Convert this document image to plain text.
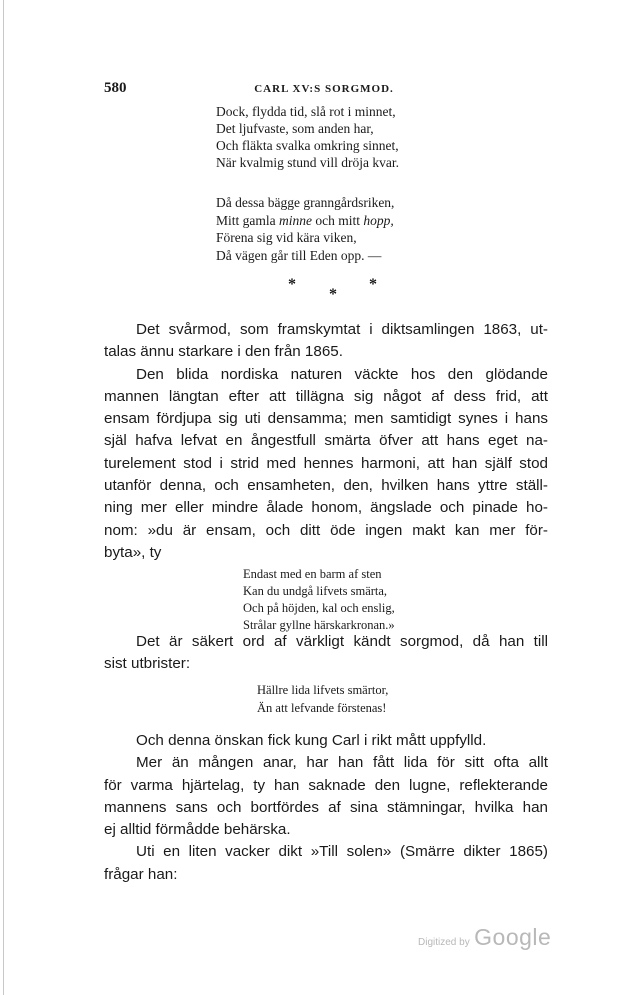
580	CARL XV:S SORGMOD.
Dock, flydda tid, slå rot i minnet,
Det ljufvaste, som anden har,
Och fläkta svalka omkring sinnet,
När kvalmig stund vill dröja kvar.
Då dessa bägge granngårdsriken,
Mitt gamla minne och mitt hopp,
Förena sig vid kära viken,
Då vägen går till Eden opp. —
*
*
*
Det svårmod, som framskymtat i diktsamlingen 1863, ut-
talas ännu starkare i den från 1865.
Den blida nordiska naturen väckte hos den glödande
mannen längtan efter att tillägna sig något af dess frid, att
ensam fördjupa sig uti densamma; men samtidigt synes i hans
själ hafva lefvat en ångestfull smärta öfver att hans eget na-
turelement stod i strid med hennes harmoni, att han själf stod
utanför denna, och ensamheten, den, hvilken hans yttre ställ-
ning mer eller mindre ålade honom, ängslade och pinade ho-
nom: »du är ensam, och ditt öde ingen makt kan mer för-
byta», ty
Endast med en barm af sten
Kan du undgå lifvets smärta,
Och på höjden, kal och enslig,
Strålar gyllne härskarkronan.»
Det är säkert ord af värkligt kändt sorgmod, då han till
sist utbrister:
Hällre lida lifvets smärtor,
Än att lefvande förstenas!
Och denna önskan fick kung Carl i rikt mått uppfylld.
Mer än mången anar, har han fått lida för sitt ofta allt
för varma hjärtelag, ty han saknade den lugne, reflekterande
mannens sans och bortfördes af sina stämningar, hvilka han
ej alltid förmådde behärska.
Uti en liten vacker dikt »Till solen» (Smärre dikter 1865)
frågar han:
Digitized by Google
